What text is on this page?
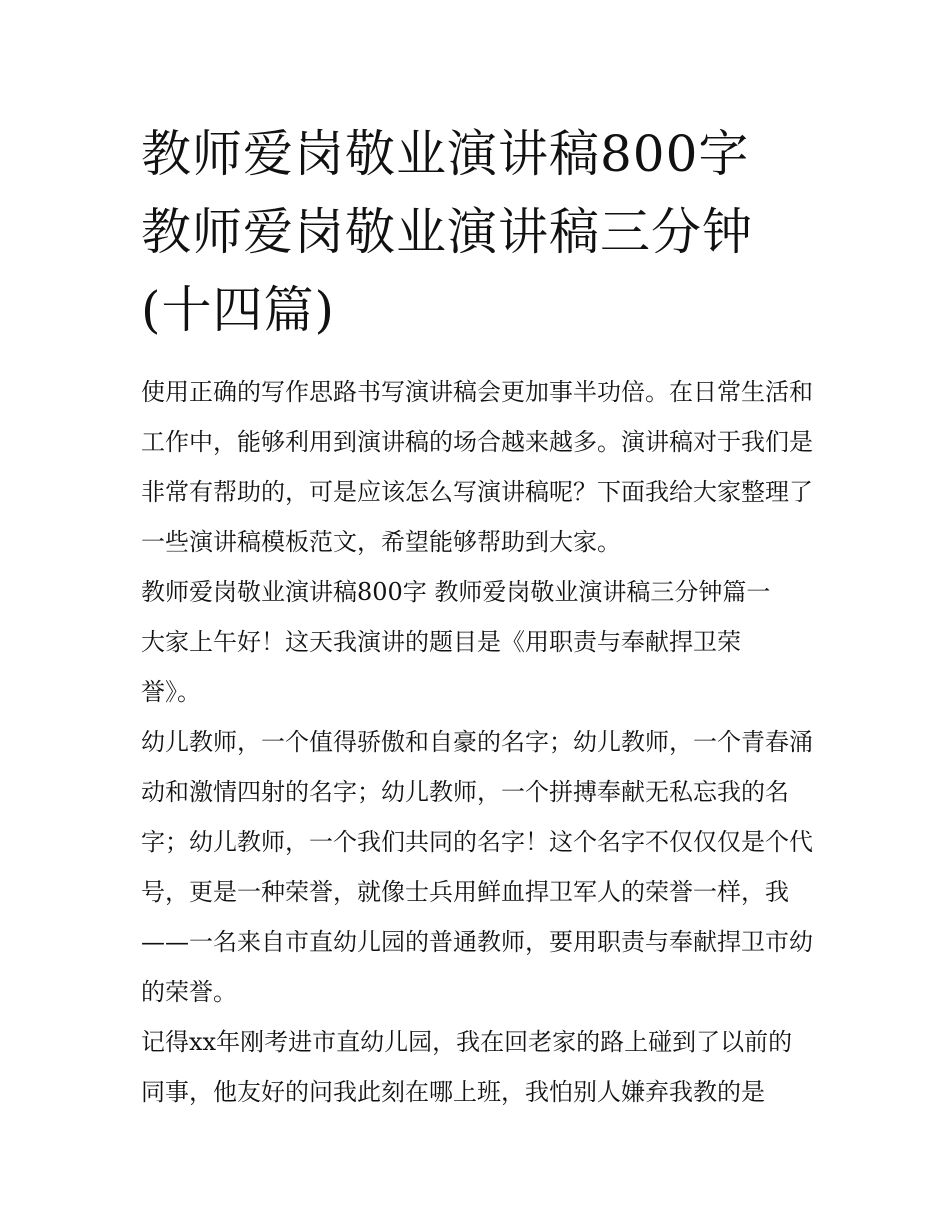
教师爱岗敬业演讲稿800字 教师爱岗敬业演讲稿三分钟(十四篇)

使用正确的写作思路书写演讲稿会更加事半功倍。在日常生活和工作中，能够利用到演讲稿的场合越来越多。演讲稿对于我们是非常有帮助的，可是应该怎么写演讲稿呢？下面我给大家整理了一些演讲稿模板范文，希望能够帮助到大家。

教师爱岗敬业演讲稿800字 教师爱岗敬业演讲稿三分钟篇一

大家上午好！这天我演讲的题目是《用职责与奉献捍卫荣誉》。

幼儿教师，一个值得骄傲和自豪的名字；幼儿教师，一个青春涌动和激情四射的名字；幼儿教师，一个拼搏奉献无私忘我的名字；幼儿教师，一个我们共同的名字！这个名字不仅仅仅是个代号，更是一种荣誉，就像士兵用鲜血捍卫军人的荣誉一样，我——一名来自市直幼儿园的普通教师，要用职责与奉献捍卫市幼的荣誉。

记得xx年刚考进市直幼儿园，我在回老家的路上碰到了以前的同事，他友好的问我此刻在哪上班，我怕别人嫌弃我教的是
